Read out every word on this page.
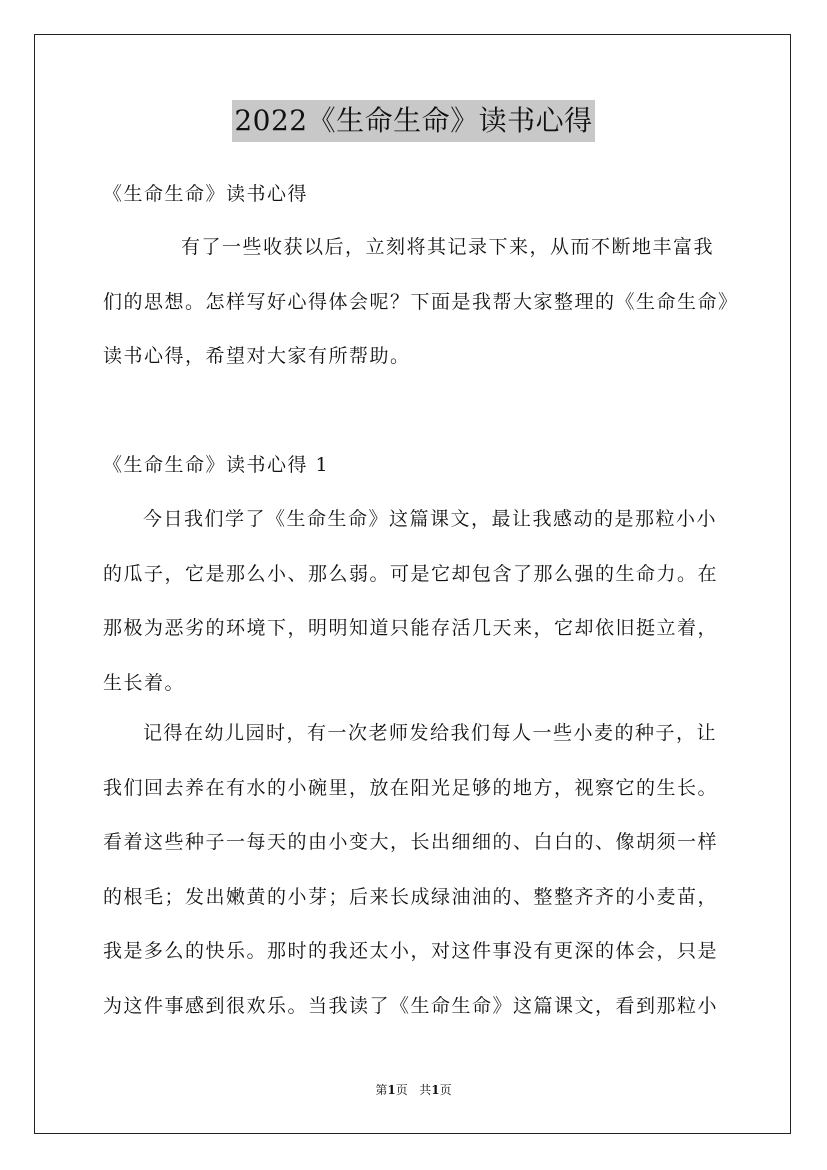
2022《生命生命》读书心得
《生命生命》读书心得
有了一些收获以后，立刻将其记录下来，从而不断地丰富我
们的思想。怎样写好心得体会呢？下面是我帮大家整理的《生命生命》
读书心得，希望对大家有所帮助。
《生命生命》读书心得 1
今日我们学了《生命生命》这篇课文，最让我感动的是那粒小小
的瓜子，它是那么小、那么弱。可是它却包含了那么强的生命力。在
那极为恶劣的环境下，明明知道只能存活几天来，它却依旧挺立着，
生长着。
记得在幼儿园时，有一次老师发给我们每人一些小麦的种子，让
我们回去养在有水的小碗里，放在阳光足够的地方，视察它的生长。
看着这些种子一每天的由小变大，长出细细的、白白的、像胡须一样
的根毛；发出嫩黄的小芽；后来长成绿油油的、整整齐齐的小麦苗，
我是多么的快乐。那时的我还太小，对这件事没有更深的体会，只是
为这件事感到很欢乐。当我读了《生命生命》这篇课文，看到那粒小
第1页 共1页
